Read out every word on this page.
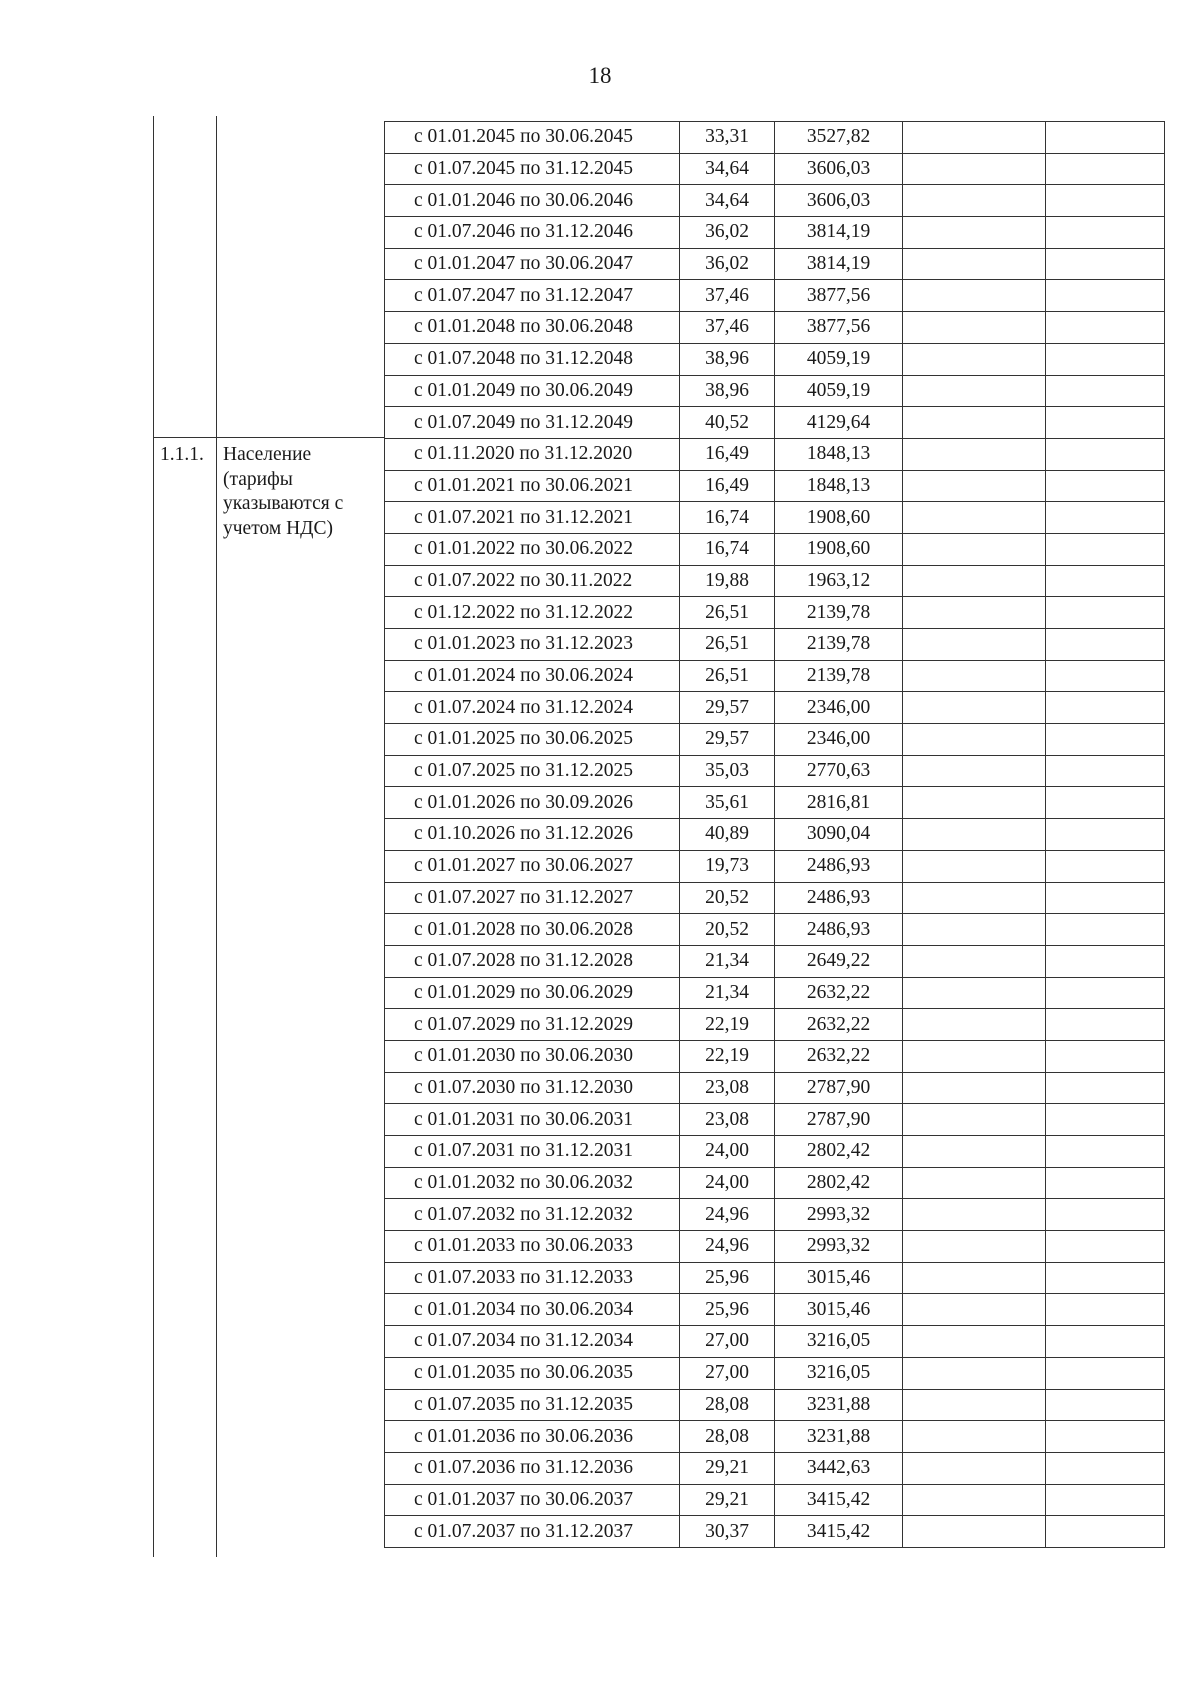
18
1.1.1. Население (тарифы указываются с учетом НДС)
с 01.01.2045 по 30.06.2045	33,31	3527,82		
с 01.07.2045 по 31.12.2045	34,64	3606,03		
с 01.01.2046 по 30.06.2046	34,64	3606,03		
с 01.07.2046 по 31.12.2046	36,02	3814,19		
с 01.01.2047 по 30.06.2047	36,02	3814,19		
с 01.07.2047 по 31.12.2047	37,46	3877,56		
с 01.01.2048 по 30.06.2048	37,46	3877,56		
с 01.07.2048 по 31.12.2048	38,96	4059,19		
с 01.01.2049 по 30.06.2049	38,96	4059,19		
с 01.07.2049 по 31.12.2049	40,52	4129,64		
с 01.11.2020 по 31.12.2020	16,49	1848,13		
с 01.01.2021 по 30.06.2021	16,49	1848,13		
с 01.07.2021 по 31.12.2021	16,74	1908,60		
с 01.01.2022 по 30.06.2022	16,74	1908,60		
с 01.07.2022 по 30.11.2022	19,88	1963,12		
с 01.12.2022 по 31.12.2022	26,51	2139,78		
с 01.01.2023 по 31.12.2023	26,51	2139,78		
с 01.01.2024 по 30.06.2024	26,51	2139,78		
с 01.07.2024 по 31.12.2024	29,57	2346,00		
с 01.01.2025 по 30.06.2025	29,57	2346,00		
с 01.07.2025 по 31.12.2025	35,03	2770,63		
с 01.01.2026 по 30.09.2026	35,61	2816,81		
с 01.10.2026 по 31.12.2026	40,89	3090,04		
с 01.01.2027 по 30.06.2027	19,73	2486,93		
с 01.07.2027 по 31.12.2027	20,52	2486,93		
с 01.01.2028 по 30.06.2028	20,52	2486,93		
с 01.07.2028 по 31.12.2028	21,34	2649,22		
с 01.01.2029 по 30.06.2029	21,34	2632,22		
с 01.07.2029 по 31.12.2029	22,19	2632,22		
с 01.01.2030 по 30.06.2030	22,19	2632,22		
с 01.07.2030 по 31.12.2030	23,08	2787,90		
с 01.01.2031 по 30.06.2031	23,08	2787,90		
с 01.07.2031 по 31.12.2031	24,00	2802,42		
с 01.01.2032 по 30.06.2032	24,00	2802,42		
с 01.07.2032 по 31.12.2032	24,96	2993,32		
с 01.01.2033 по 30.06.2033	24,96	2993,32		
с 01.07.2033 по 31.12.2033	25,96	3015,46		
с 01.01.2034 по 30.06.2034	25,96	3015,46		
с 01.07.2034 по 31.12.2034	27,00	3216,05		
с 01.01.2035 по 30.06.2035	27,00	3216,05		
с 01.07.2035 по 31.12.2035	28,08	3231,88		
с 01.01.2036 по 30.06.2036	28,08	3231,88		
с 01.07.2036 по 31.12.2036	29,21	3442,63		
с 01.01.2037 по 30.06.2037	29,21	3415,42		
с 01.07.2037 по 31.12.2037	30,37	3415,42		
